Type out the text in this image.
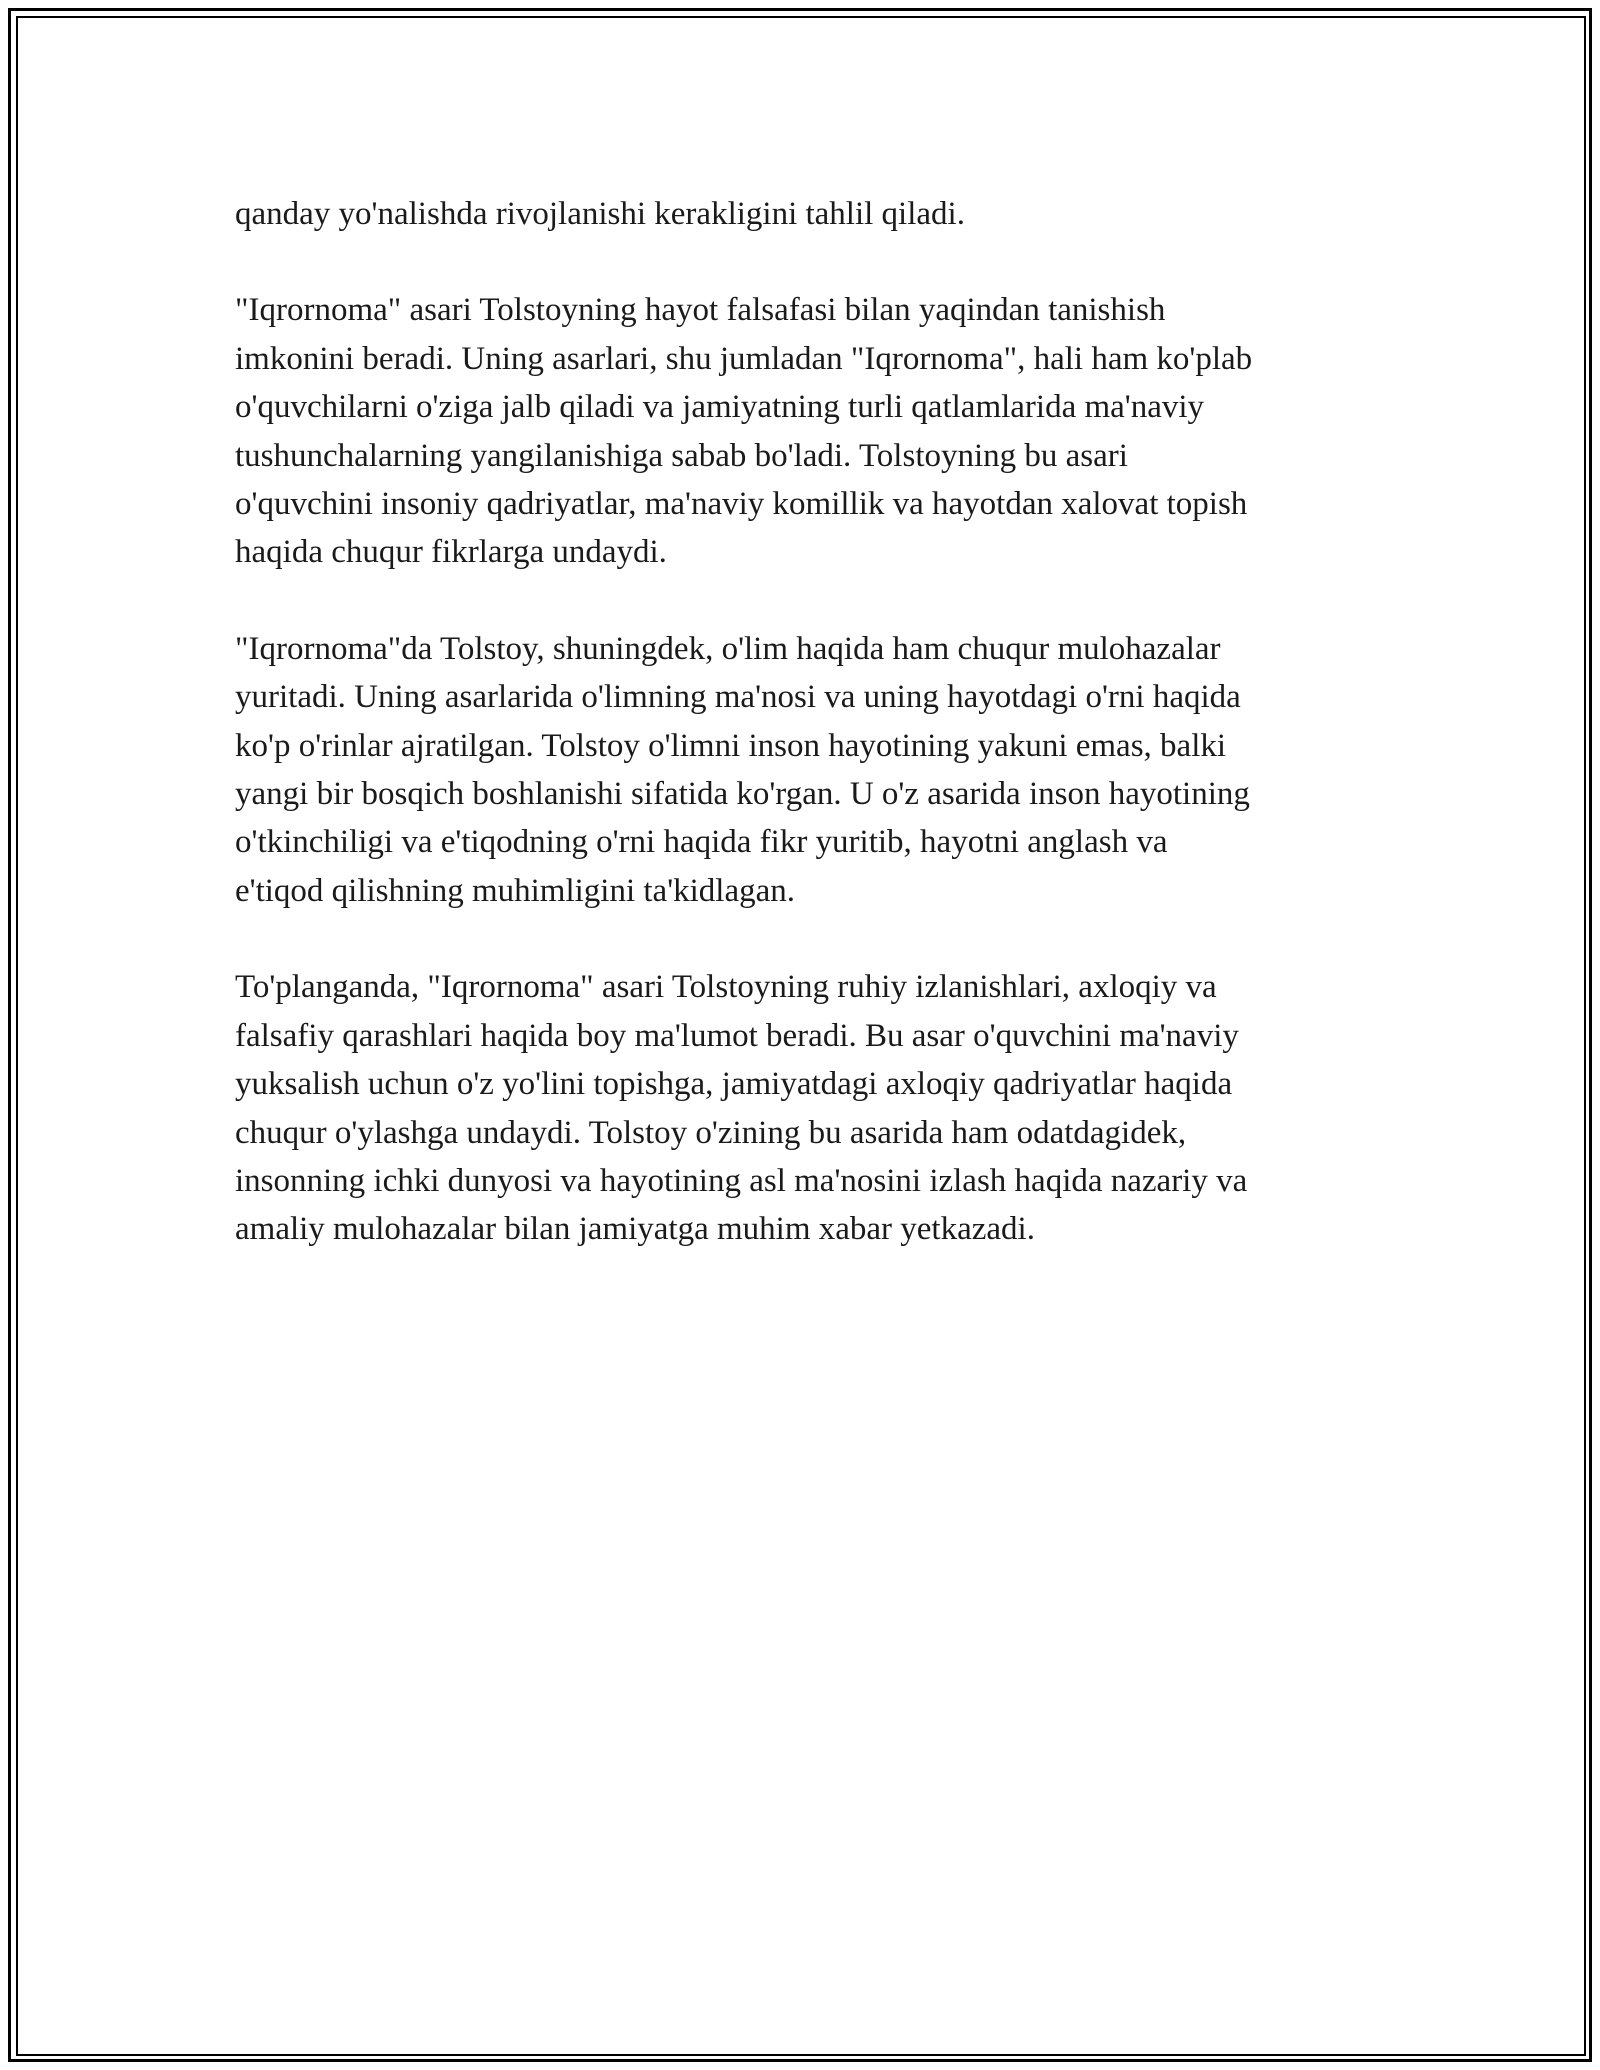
qanday yo'nalishda rivojlanishi kerakligini tahlil qiladi.

"Iqrornoma" asari Tolstoyning hayot falsafasi bilan yaqindan tanishish
imkonini beradi. Uning asarlari, shu jumladan "Iqrornoma", hali ham ko'plab
o'quvchilarni o'ziga jalb qiladi va jamiyatning turli qatlamlarida ma'naviy
tushunchalarning yangilanishiga sabab bo'ladi. Tolstoyning bu asari
o'quvchini insoniy qadriyatlar, ma'naviy komillik va hayotdan xalovat topish
haqida chuqur fikrlarga undaydi.

"Iqrornoma"da Tolstoy, shuningdek, o'lim haqida ham chuqur mulohazalar
yuritadi. Uning asarlarida o'limning ma'nosi va uning hayotdagi o'rni haqida
ko'p o'rinlar ajratilgan. Tolstoy o'limni inson hayotining yakuni emas, balki
yangi bir bosqich boshlanishi sifatida ko'rgan. U o'z asarida inson hayotining
o'tkinchiligi va e'tiqodning o'rni haqida fikr yuritib, hayotni anglash va
e'tiqod qilishning muhimligini ta'kidlagan.

To'planganda, "Iqrornoma" asari Tolstoyning ruhiy izlanishlari, axloqiy va
falsafiy qarashlari haqida boy ma'lumot beradi. Bu asar o'quvchini ma'naviy
yuksalish uchun o'z yo'lini topishga, jamiyatdagi axloqiy qadriyatlar haqida
chuqur o'ylashga undaydi. Tolstoy o'zining bu asarida ham odatdagidek,
insonning ichki dunyosi va hayotining asl ma'nosini izlash haqida nazariy va
amaliy mulohazalar bilan jamiyatga muhim xabar yetkazadi.
